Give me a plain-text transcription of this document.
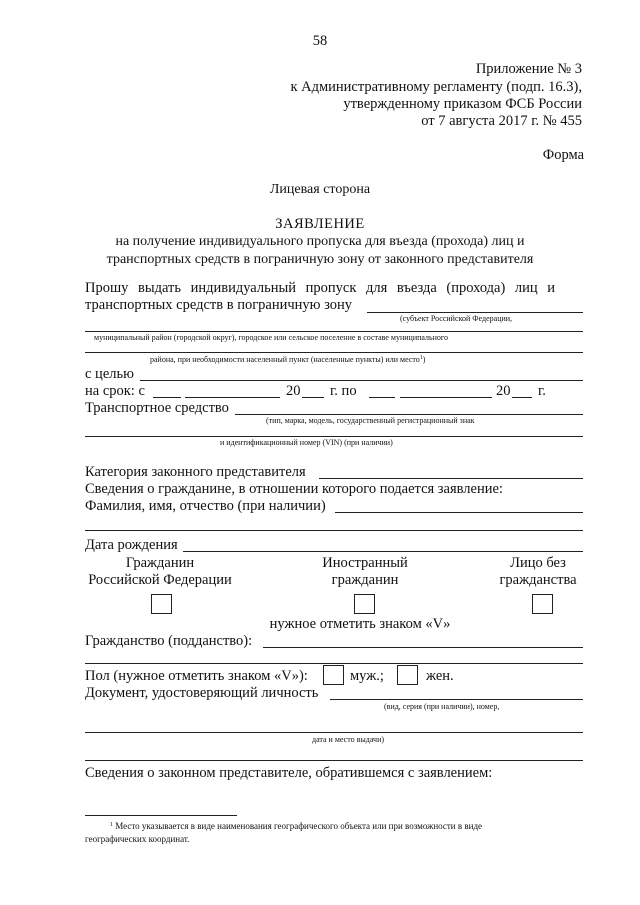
58
Приложение № 3
к Административному регламенту (подп. 16.3),
утвержденному приказом ФСБ России
от 7 августа 2017 г. № 455
Форма
Лицевая сторона
ЗАЯВЛЕНИЕ
на получение индивидуального пропуска для въезда (прохода) лиц и
транспортных средств в пограничную зону от законного представителя
Прошу выдать индивидуальный пропуск для въезда (прохода) лиц и
транспортных средств в пограничную зону
(субъект Российской Федерации,
муниципальный район (городской округ), городское или сельское поселение в составе муниципального
района, при необходимости населенный пункт (населенные пункты) или место$^1$)
с целью
на срок: с	20 г. по	20 г.
Транспортное средство
(тип, марка, модель, государственный регистрационный знак
и идентификационный номер (VIN) (при наличии)
Категория законного представителя
Сведения о гражданине, в отношении которого подается заявление:
Фамилия, имя, отчество (при наличии)
Дата рождения
Гражданин
Российской Федерации
Иностранный
гражданин
Лицо без
гражданства
нужное отметить знаком «V»
Гражданство (подданство):
Пол (нужное отметить знаком «V»):	муж.;	жен.
Документ, удостоверяющий личность
(вид, серия (при наличии), номер,
дата и место выдачи)
Сведения о законном представителе, обратившемся с заявлением:
$^1$ Место указывается в виде наименования географического объекта или при возможности в виде
географических координат.
